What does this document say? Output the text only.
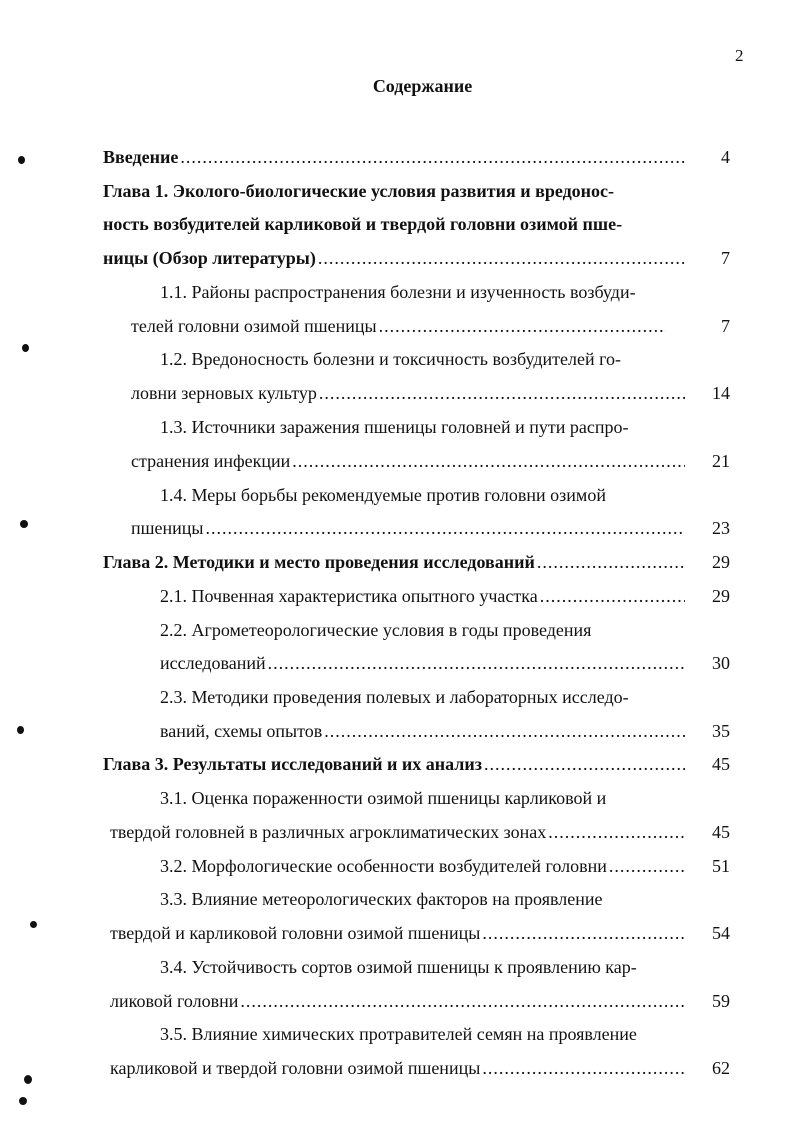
2
Содержание
Введение .....	4
Глава 1. Эколого-биологические условия развития и вредонос-
ность возбудителей карликовой и твердой головни озимой пше-
ницы (Обзор литературы) .....	7
1.1. Районы распространения болезни и изученность возбуди-
телей головни озимой пшеницы .....	7
1.2. Вредоносность болезни и токсичность возбудителей го-
ловни зерновых культур .....	14
1.3. Источники заражения пшеницы головней и пути распро-
странения инфекции .....	21
1.4. Меры борьбы рекомендуемые против головни озимой
пшеницы .....	23
Глава 2. Методики и место проведения исследований .....	29
2.1. Почвенная характеристика опытного участка .....	29
2.2. Агрометеорологические условия в годы проведения
исследований .....	30
2.3. Методики проведения полевых и лабораторных исследо-
ваний, схемы опытов .....	35
Глава 3. Результаты исследований и их анализ .....	45
3.1. Оценка пораженности озимой пшеницы карликовой и
твердой головней в различных агроклиматических зонах .....	45
3.2. Морфологические особенности возбудителей головни .....	51
3.3. Влияние метеорологических факторов на проявление
твердой и карликовой головни озимой пшеницы .....	54
3.4. Устойчивость сортов озимой пшеницы к проявлению кар-
ликовой головни .....	59
3.5. Влияние химических протравителей семян на проявление
карликовой и твердой головни озимой пшеницы .....	62
